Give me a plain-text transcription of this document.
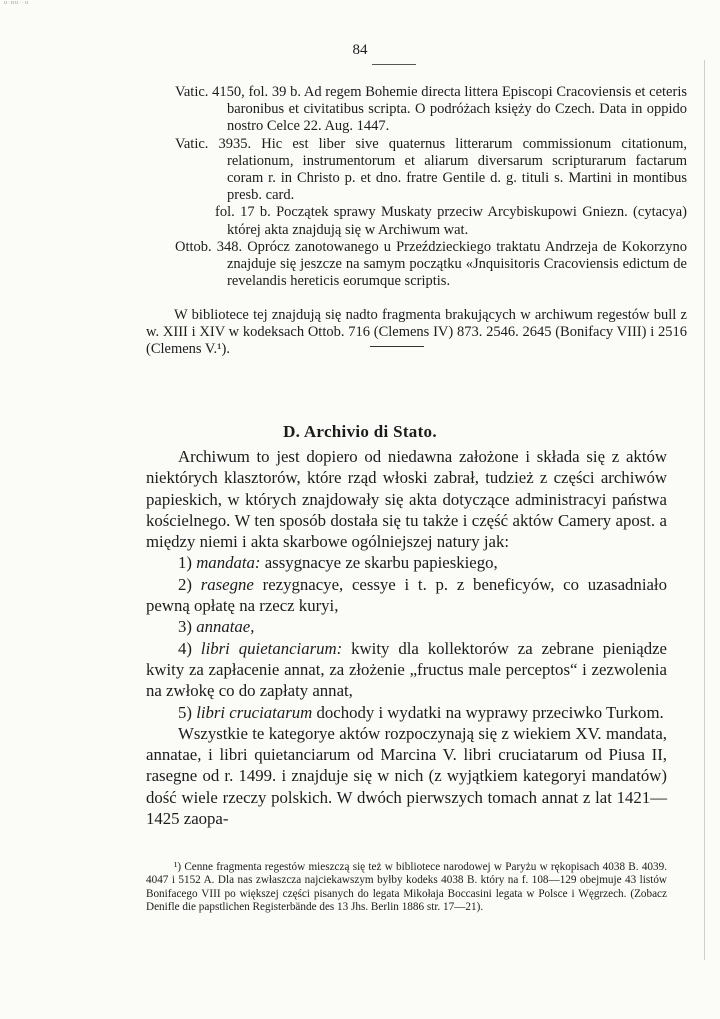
u·nu··u
84

Vatic. 4150, fol. 39 b. Ad regem Bohemie directa littera Episcopi Cracoviensis et ceteris baronibus et civitatibus scripta. O podróżach księży do Czech. Data in oppido nostro Celce 22. Aug. 1447.

Vatic. 3935. Hic est liber sive quaternus litterarum commissionum citationum, relationum, instrumentorum et aliarum diversarum scripturarum factarum coram r. in Christo p. et dno. fratre Gentile d. g. tituli s. Martini in montibus presb. card.

fol. 17 b. Początek sprawy Muskaty przeciw Arcybiskupowi Gniezn. (cytacya) której akta znajdują się w Archiwum wat.

Ottob. 348. Oprócz zanotowanego u Przeździeckiego traktatu Andrzeja de Kokorzyno znajduje się jeszcze na samym początku «Jnquisitoris Cracoviensis edictum de revelandis hereticis eorumque scriptis.

W bibliotece tej znajdują się nadto fragmenta brakujących w archiwum regestów bull z w. XIII i XIV w kodeksach Ottob. 716 (Clemens IV) 873. 2546. 2645 (Bonifacy VIII) i 2516 (Clemens V.¹).

D. Archivio di Stato.

Archiwum to jest dopiero od niedawna założone i składa się z aktów niektórych klasztorów, które rząd włoski zabrał, tudzież z części archiwów papieskich, w których znajdowały się akta dotyczące administracyi państwa kościelnego. W ten sposób dostała się tu także i część aktów Camery apost. a między niemi i akta skarbowe ogólniejszej natury jak:

1) mandata: assygnacye ze skarbu papieskiego,

2) rasegne rezygnacye, cessye i t. p. z beneficyów, co uzasadniało pewną opłatę na rzecz kuryi,

3) annatae,

4) libri quietanciarum: kwity dla kollektorów za zebrane pieniądze kwity za zapłacenie annat, za złożenie „fructus male perceptos“ i zezwolenia na zwłokę co do zapłaty annat,

5) libri cruciatarum dochody i wydatki na wyprawy przeciwko Turkom.

Wszystkie te kategorye aktów rozpoczynają się z wiekiem XV. mandata, annatae, i libri quietanciarum od Marcina V. libri cruciatarum od Piusa II, rasegne od r. 1499. i znajduje się w nich (z wyjątkiem kategoryi mandatów) dość wiele rzeczy polskich. W dwóch pierwszych tomach annat z lat 1421—1425 zaopa-

¹) Cenne fragmenta regestów mieszczą się też w bibliotece narodowej w Paryżu w rękopisach 4038 B. 4039. 4047 i 5152 A. Dla nas zwłaszcza najciekawszym byłby kodeks 4038 B. który na f. 108—129 obejmuje 43 listów Bonifacego VIII po większej części pisanych do legata Mikołaja Boccasini legata w Polsce i Węgrzech. (Zobacz Denifle die papstlichen Registerbände des 13 Jhs. Berlin 1886 str. 17—21).
